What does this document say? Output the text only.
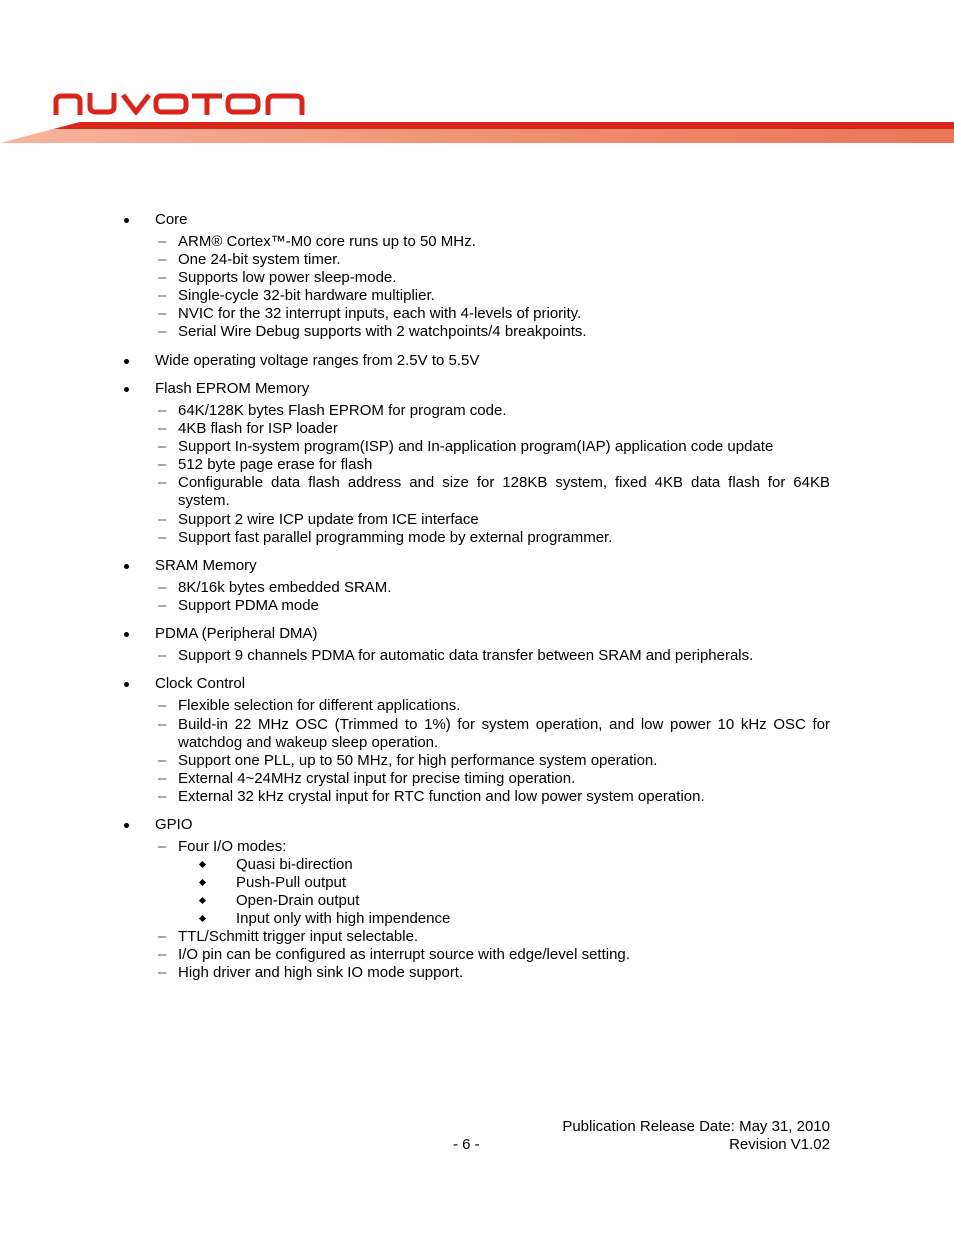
Core
– ARM® Cortex™-M0 core runs up to 50 MHz.
– One 24-bit system timer.
– Supports low power sleep-mode.
– Single-cycle 32-bit hardware multiplier.
– NVIC for the 32 interrupt inputs, each with 4-levels of priority.
– Serial Wire Debug supports with 2 watchpoints/4 breakpoints.
Wide operating voltage ranges from 2.5V to 5.5V
Flash EPROM Memory
– 64K/128K bytes Flash EPROM for program code.
– 4KB flash for ISP loader
– Support In-system program(ISP) and In-application program(IAP) application code update
– 512 byte page erase for flash
– Configurable data flash address and size for 128KB system, fixed 4KB data flash for 64KB system.
– Support 2 wire ICP update from ICE interface
– Support fast parallel programming mode by external programmer.
SRAM Memory
– 8K/16k bytes embedded SRAM.
– Support PDMA mode
PDMA (Peripheral DMA)
– Support 9 channels PDMA for automatic data transfer between SRAM and peripherals.
Clock Control
– Flexible selection for different applications.
– Build-in 22 MHz OSC (Trimmed to 1%) for system operation, and low power 10 kHz OSC for watchdog and wakeup sleep operation.
– Support one PLL, up to 50 MHz, for high performance system operation.
– External 4~24MHz crystal input for precise timing operation.
– External 32 kHz crystal input for RTC function and low power system operation.
GPIO
– Four I/O modes:
Quasi bi-direction
Push-Pull output
Open-Drain output
Input only with high impendence
– TTL/Schmitt trigger input selectable.
– I/O pin can be configured as interrupt source with edge/level setting.
– High driver and high sink IO mode support.
Publication Release Date: May 31, 2010
- 6 -	Revision V1.02
